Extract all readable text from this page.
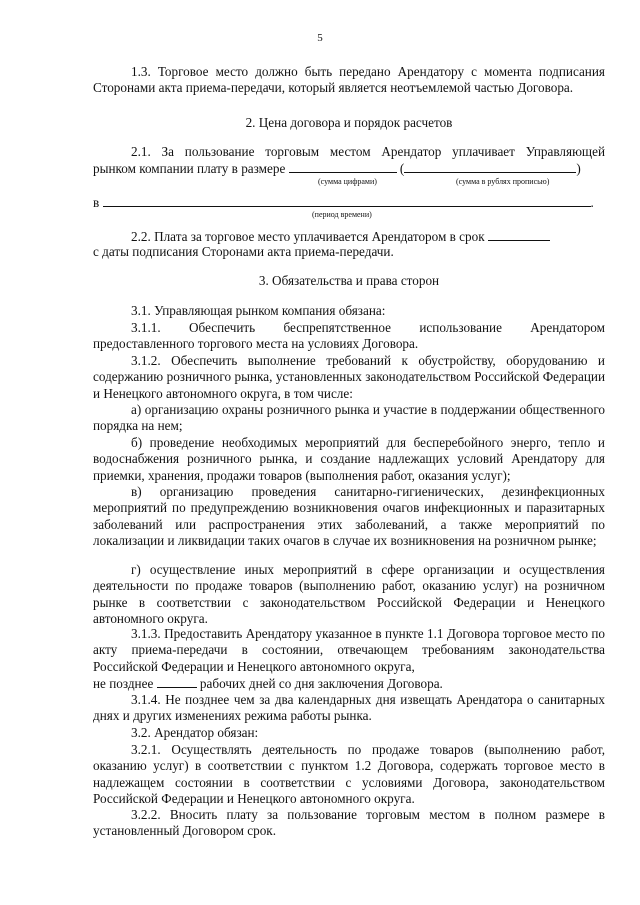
5
1.3. Торговое место должно быть передано Арендатору с момента подписания Сторонами акта приема-передачи, который является неотъемлемой частью Договора.
2. Цена договора и порядок расчетов
2.1. За пользование торговым местом Арендатор уплачивает Управляющей
рынком компании плату в размере	(	)
(сумма цифрами)	(сумма в рублях прописью)
в	.
(период времени)
2.2. Плата за торговое место уплачивается Арендатором в срок
с даты подписания Сторонами акта приема-передачи.
3. Обязательства и права сторон
3.1. Управляющая рынком компания обязана:
3.1.1. Обеспечить беспрепятственное использование Арендатором предоставленного торгового места на условиях Договора.
3.1.2. Обеспечить выполнение требований к обустройству, оборудованию и содержанию розничного рынка, установленных законодательством Российской Федерации и Ненецкого автономного округа, в том числе:
а) организацию охраны розничного рынка и участие в поддержании общественного порядка на нем;
б) проведение необходимых мероприятий для бесперебойного энерго, тепло и водоснабжения розничного рынка, и создание надлежащих условий Арендатору для приемки, хранения, продажи товаров (выполнения работ, оказания услуг);
в) организацию проведения санитарно-гигиенических, дезинфекционных мероприятий по предупреждению возникновения очагов инфекционных и паразитарных заболеваний или распространения этих заболеваний, а также мероприятий по локализации и ликвидации таких очагов в случае их возникновения на розничном рынке;
г) осуществление иных мероприятий в сфере организации и осуществления деятельности по продаже товаров (выполнению работ, оказанию услуг) на розничном рынке в соответствии с законодательством Российской Федерации и Ненецкого автономного округа.
3.1.3. Предоставить Арендатору указанное в пункте 1.1 Договора торговое место по акту приема-передачи в состоянии, отвечающем требованиям законодательства Российской Федерации и Ненецкого автономного округа,
не позднее	рабочих дней со дня заключения Договора.
3.1.4. Не позднее чем за два календарных дня извещать Арендатора о санитарных днях и других изменениях режима работы рынка.
3.2. Арендатор обязан:
3.2.1. Осуществлять деятельность по продаже товаров (выполнению работ, оказанию услуг) в соответствии с пунктом 1.2 Договора, содержать торговое место в надлежащем состоянии в соответствии с условиями Договора, законодательством Российской Федерации и Ненецкого автономного округа.
3.2.2. Вносить плату за пользование торговым местом в полном размере в установленный Договором срок.
